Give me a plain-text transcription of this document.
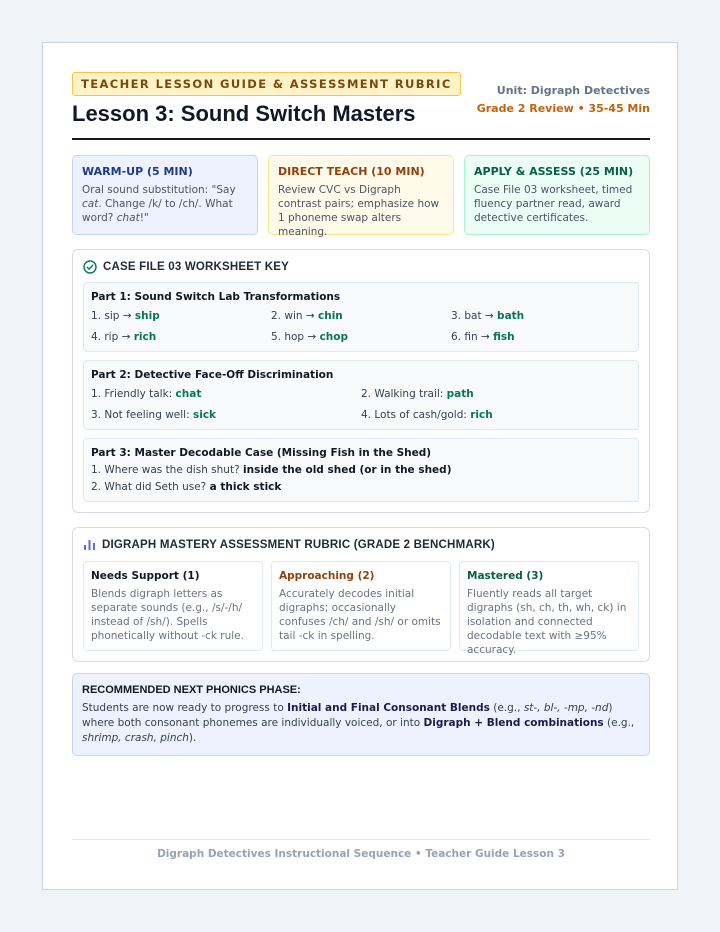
TEACHER LESSON GUIDE & ASSESSMENT RUBRIC
Lesson 3: Sound Switch Masters
Unit: Digraph Detectives
Grade 2 Review • 35-45 Min
WARM-UP (5 MIN)
Oral sound substitution: "Say cat. Change /k/ to /ch/. What word? chat!"
DIRECT TEACH (10 MIN)
Review CVC vs Digraph contrast pairs; emphasize how 1 phoneme swap alters meaning.
APPLY & ASSESS (25 MIN)
Case File 03 worksheet, timed fluency partner read, award detective certificates.
CASE FILE 03 WORKSHEET KEY
Part 1: Sound Switch Lab Transformations
1. sip → ship	2. win → chin	3. bat → bath
4. rip → rich	5. hop → chop	6. fin → fish
Part 2: Detective Face-Off Discrimination
1. Friendly talk: chat	2. Walking trail: path
3. Not feeling well: sick	4. Lots of cash/gold: rich
Part 3: Master Decodable Case (Missing Fish in the Shed)
1. Where was the dish shut? inside the old shed (or in the shed)
2. What did Seth use? a thick stick
DIGRAPH MASTERY ASSESSMENT RUBRIC (GRADE 2 BENCHMARK)
Needs Support (1)
Blends digraph letters as separate sounds (e.g., /s/-/h/ instead of /sh/). Spells phonetically without -ck rule.
Approaching (2)
Accurately decodes initial digraphs; occasionally confuses /ch/ and /sh/ or omits tail -ck in spelling.
Mastered (3)
Fluently reads all target digraphs (sh, ch, th, wh, ck) in isolation and connected decodable text with ≥95% accuracy.
RECOMMENDED NEXT PHONICS PHASE:
Students are now ready to progress to Initial and Final Consonant Blends (e.g., st-, bl-, -mp, -nd) where both consonant phonemes are individually voiced, or into Digraph + Blend combinations (e.g., shrimp, crash, pinch).
Digraph Detectives Instructional Sequence • Teacher Guide Lesson 3
